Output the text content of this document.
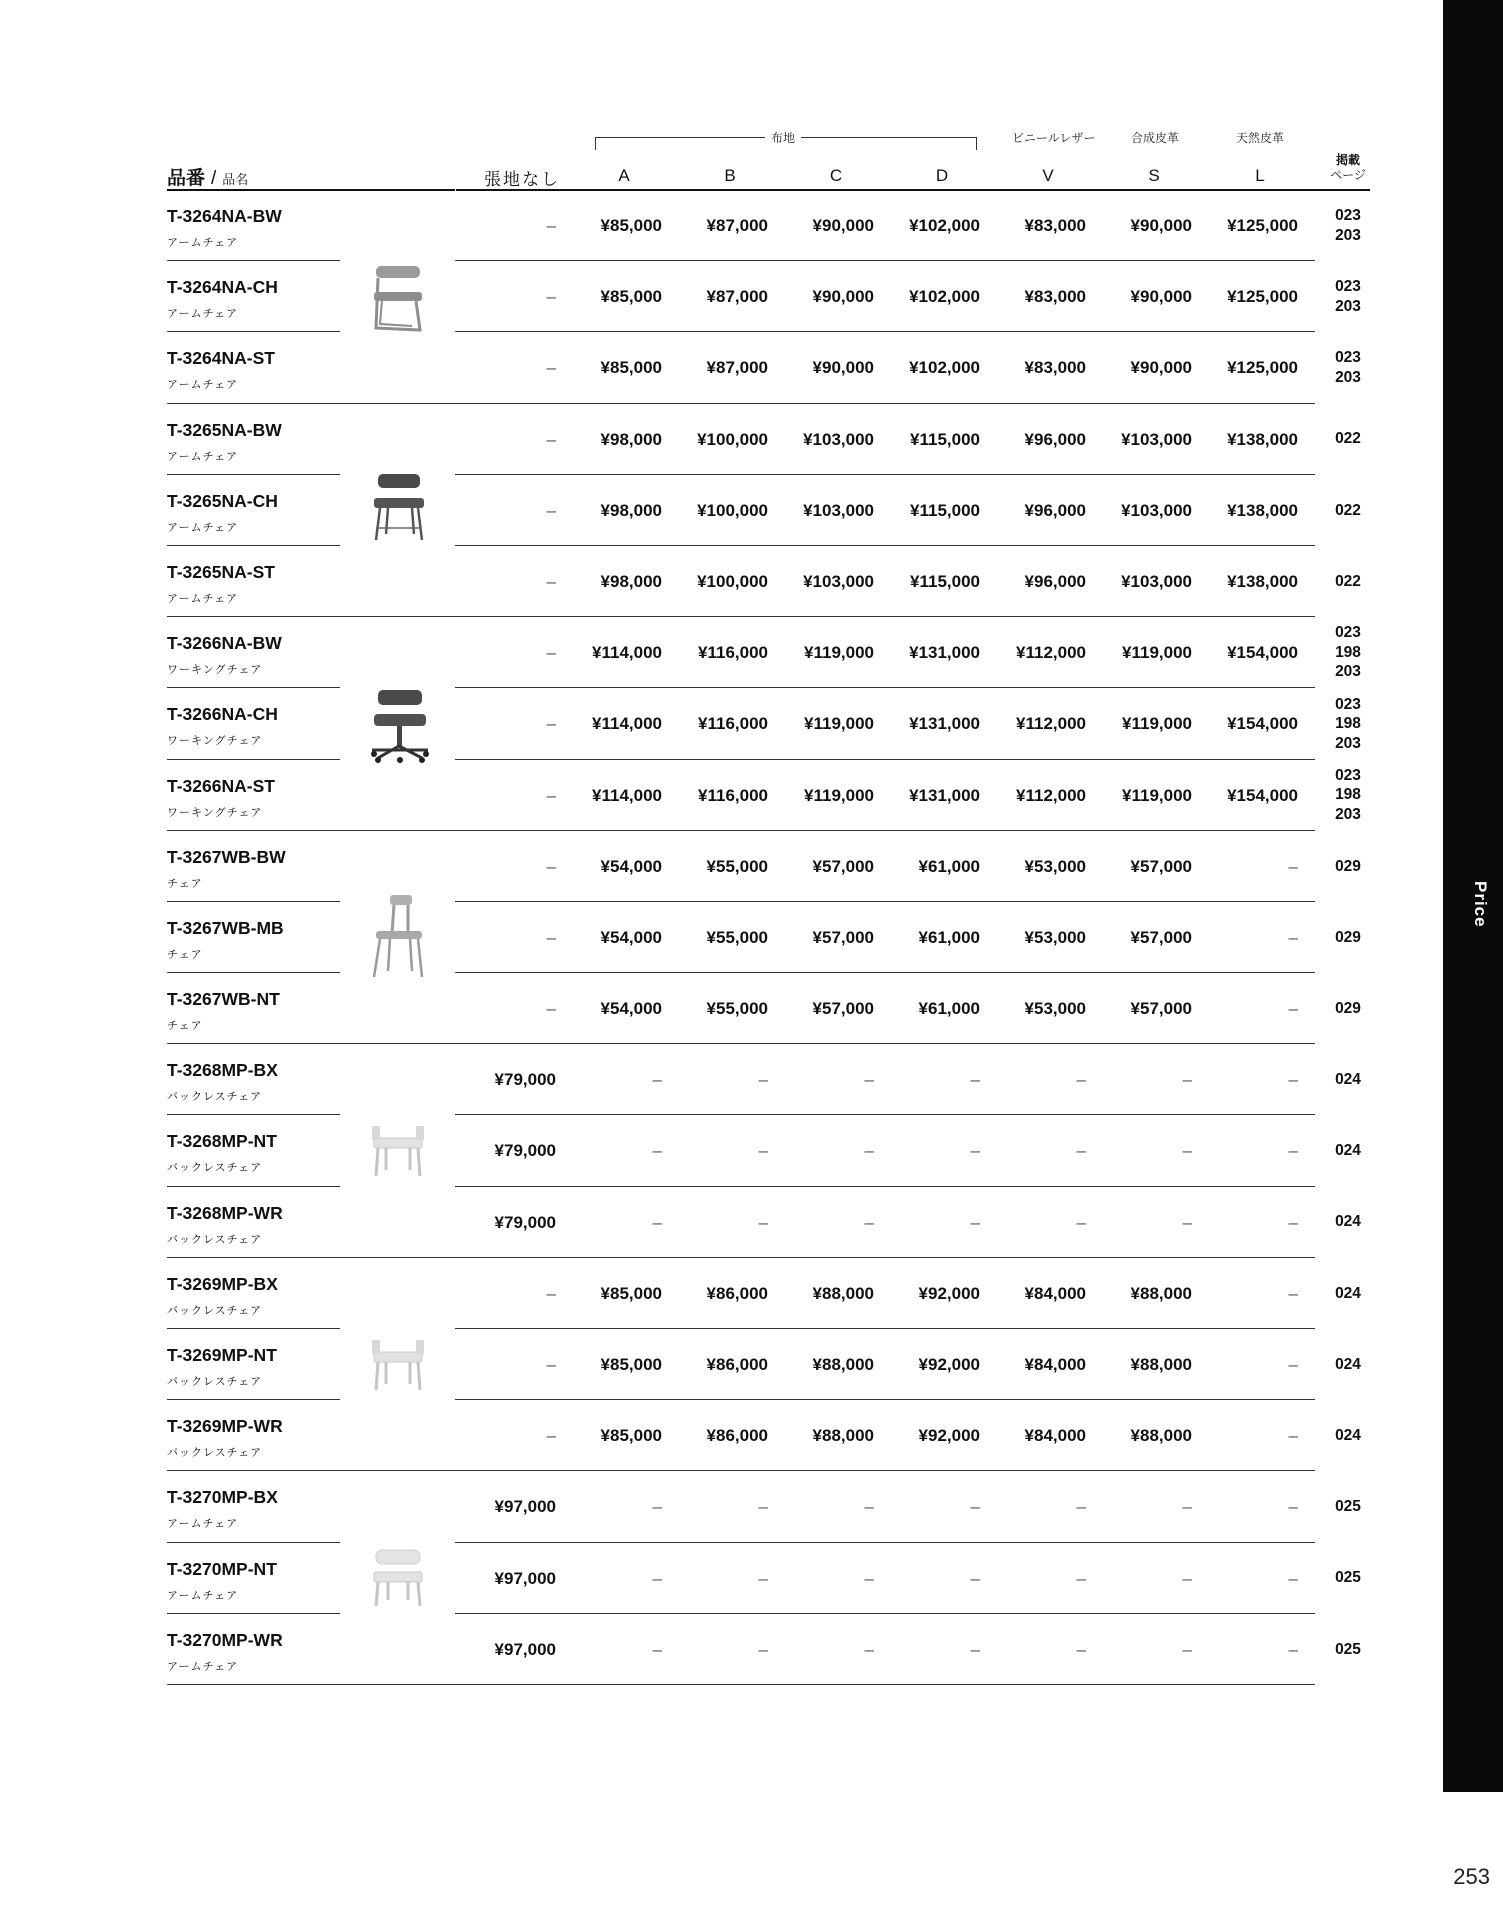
Price
253
布地	ビニールレザー	合成皮革	天然皮革
品番 / 品名	張地なし	A	B	C	D	V	S	L
掲載
ページ
T-3264NA-BW
アームチェア
–	¥85,000	¥87,000	¥90,000	¥102,000	¥83,000	¥90,000	¥125,000
023
203
T-3264NA-CH
アームチェア
–	¥85,000	¥87,000	¥90,000	¥102,000	¥83,000	¥90,000	¥125,000
023
203
T-3264NA-ST
アームチェア
–	¥85,000	¥87,000	¥90,000	¥102,000	¥83,000	¥90,000	¥125,000
023
203
T-3265NA-BW
アームチェア
–	¥98,000	¥100,000	¥103,000	¥115,000	¥96,000	¥103,000	¥138,000	022
T-3265NA-CH
アームチェア
–	¥98,000	¥100,000	¥103,000	¥115,000	¥96,000	¥103,000	¥138,000	022
T-3265NA-ST
アームチェア
–	¥98,000	¥100,000	¥103,000	¥115,000	¥96,000	¥103,000	¥138,000	022
T-3266NA-BW
ワーキングチェア
–	¥114,000	¥116,000	¥119,000	¥131,000	¥112,000	¥119,000	¥154,000
023
198
203
T-3266NA-CH
ワーキングチェア
–	¥114,000	¥116,000	¥119,000	¥131,000	¥112,000	¥119,000	¥154,000
023
198
203
T-3266NA-ST
ワーキングチェア
–	¥114,000	¥116,000	¥119,000	¥131,000	¥112,000	¥119,000	¥154,000
023
198
203
T-3267WB-BW
チェア
–	¥54,000	¥55,000	¥57,000	¥61,000	¥53,000	¥57,000	–	029
T-3267WB-MB
チェア
–	¥54,000	¥55,000	¥57,000	¥61,000	¥53,000	¥57,000	–	029
T-3267WB-NT
チェア
–	¥54,000	¥55,000	¥57,000	¥61,000	¥53,000	¥57,000	–	029
T-3268MP-BX
バックレスチェア
¥79,000	–	–	–	–	–	–	–	024
T-3268MP-NT
バックレスチェア
¥79,000	–	–	–	–	–	–	–	024
T-3268MP-WR
バックレスチェア
¥79,000	–	–	–	–	–	–	–	024
T-3269MP-BX
バックレスチェア
–	¥85,000	¥86,000	¥88,000	¥92,000	¥84,000	¥88,000	–	024
T-3269MP-NT
バックレスチェア
–	¥85,000	¥86,000	¥88,000	¥92,000	¥84,000	¥88,000	–	024
T-3269MP-WR
バックレスチェア
–	¥85,000	¥86,000	¥88,000	¥92,000	¥84,000	¥88,000	–	024
T-3270MP-BX
アームチェア
¥97,000	–	–	–	–	–	–	–	025
T-3270MP-NT
アームチェア
¥97,000	–	–	–	–	–	–	–	025
T-3270MP-WR
アームチェア
¥97,000	–	–	–	–	–	–	–	025
